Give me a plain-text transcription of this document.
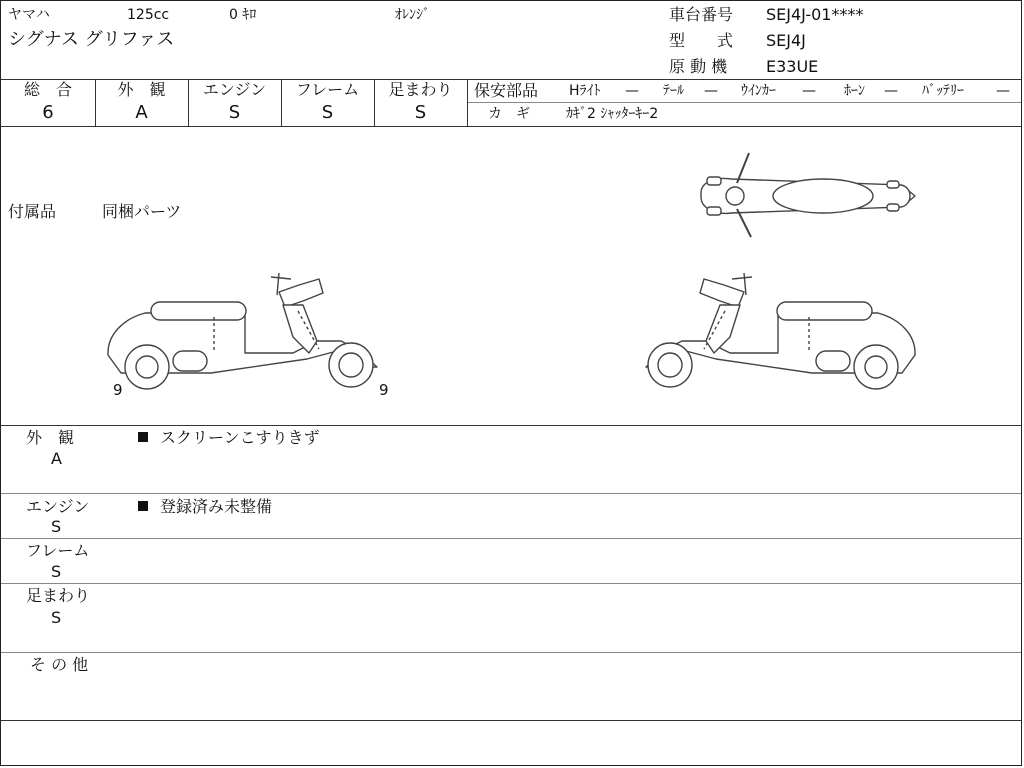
ヤマハ	125cc	0 ｷﾛ	ｵﾚﾝｼﾞ
シグナス グリファス
車台番号 SEJ4J-01****
型　　式 SEJ4J
原 動 機 E33UE
総　合
6
外　観
A
エンジン
S
フレーム
S
足まわり
S
保安部品 Hﾗｲﾄ — ﾃｰﾙ — ｳｲﾝｶｰ — ﾎｰﾝ — ﾊﾞｯﾃﾘｰ —
カ　ギ	ｶｷﾞ2 ｼｬｯﾀｰｷｰ2
付属品	同梱パーツ
9	9
外　観
A
スクリーンこすりきず
エンジン
S
登録済み未整備
フレーム
S
足まわり
S
そ の 他
